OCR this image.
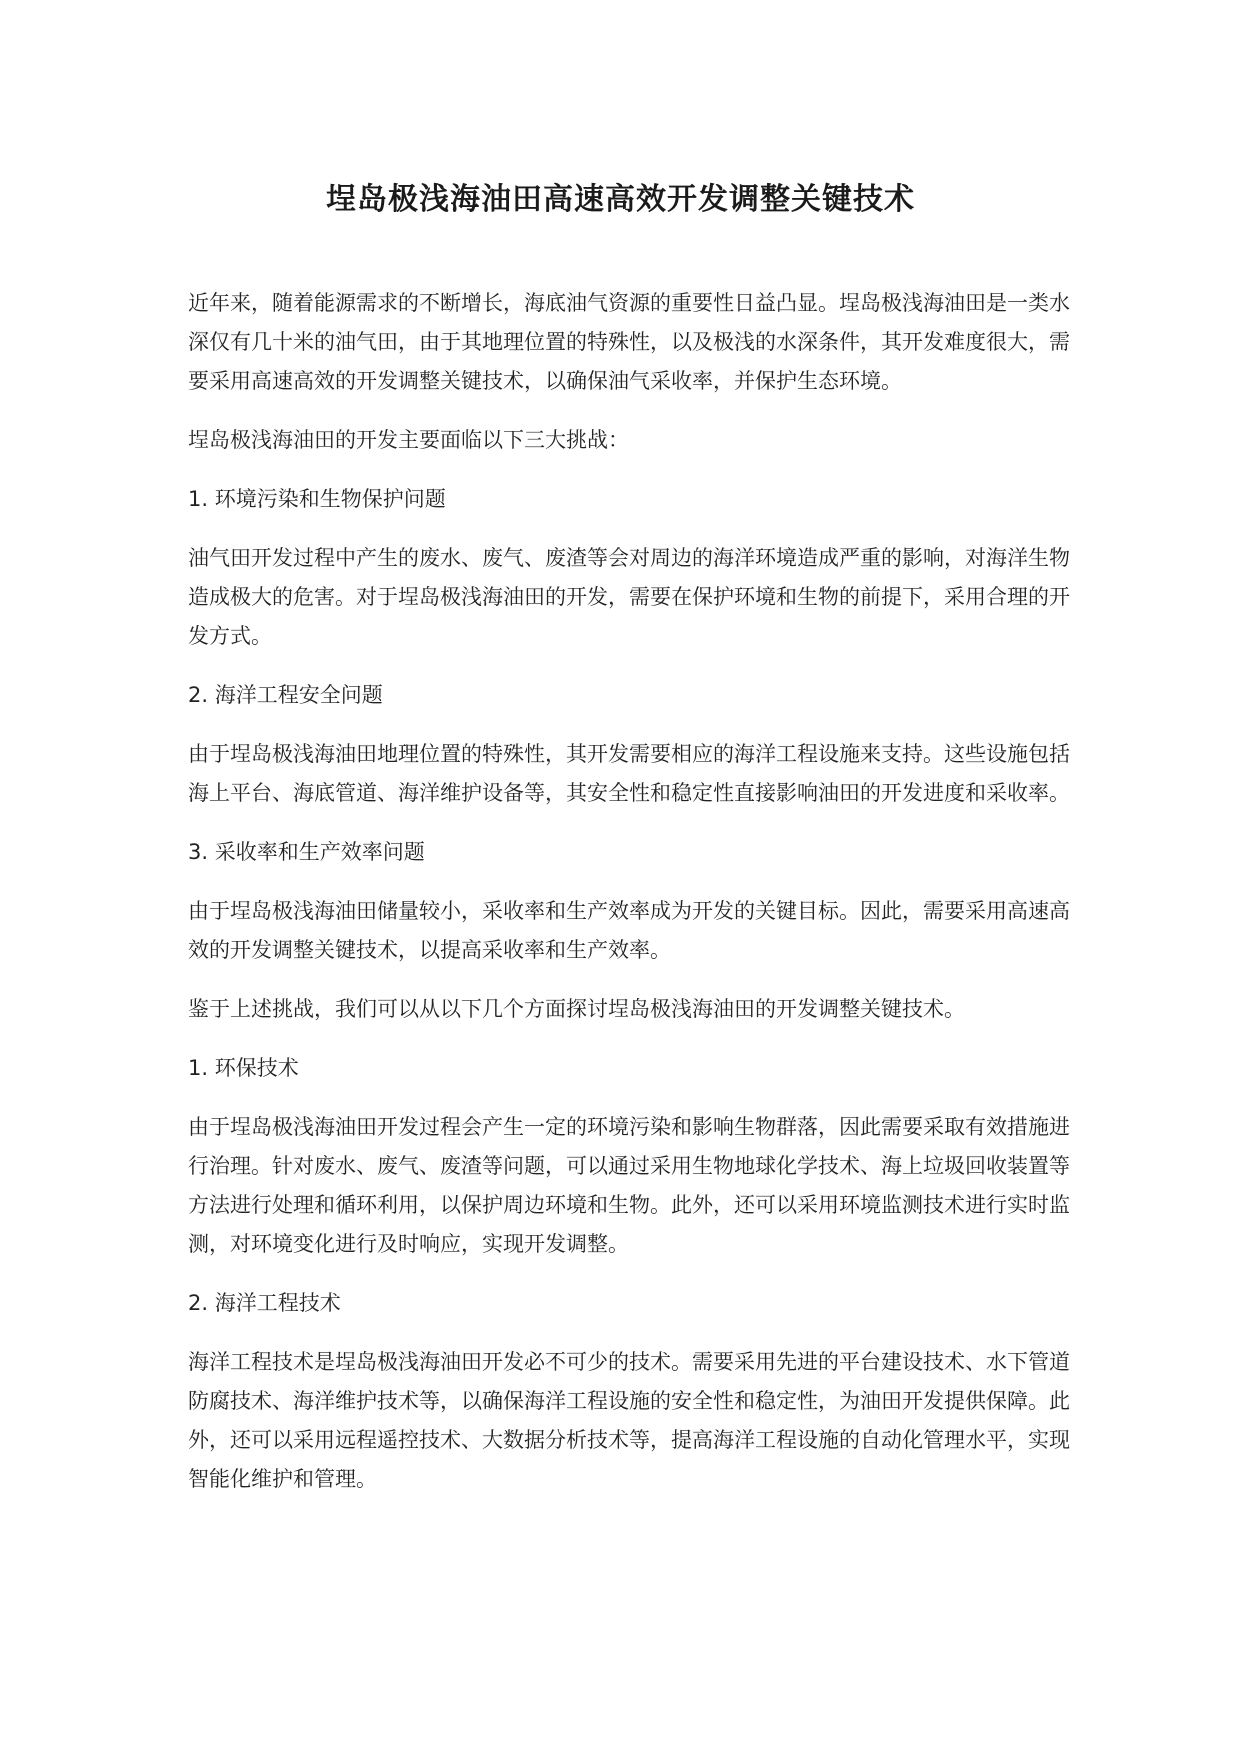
埕岛极浅海油田高速高效开发调整关键技术

近年来，随着能源需求的不断增长，海底油气资源的重要性日益凸显。埕岛极浅海油田是一类水深仅有几十米的油气田，由于其地理位置的特殊性，以及极浅的水深条件，其开发难度很大，需要采用高速高效的开发调整关键技术，以确保油气采收率，并保护生态环境。

埕岛极浅海油田的开发主要面临以下三大挑战：

1. 环境污染和生物保护问题

油气田开发过程中产生的废水、废气、废渣等会对周边的海洋环境造成严重的影响，对海洋生物造成极大的危害。对于埕岛极浅海油田的开发，需要在保护环境和生物的前提下，采用合理的开发方式。

2. 海洋工程安全问题

由于埕岛极浅海油田地理位置的特殊性，其开发需要相应的海洋工程设施来支持。这些设施包括海上平台、海底管道、海洋维护设备等，其安全性和稳定性直接影响油田的开发进度和采收率。

3. 采收率和生产效率问题

由于埕岛极浅海油田储量较小，采收率和生产效率成为开发的关键目标。因此，需要采用高速高效的开发调整关键技术，以提高采收率和生产效率。

鉴于上述挑战，我们可以从以下几个方面探讨埕岛极浅海油田的开发调整关键技术。

1. 环保技术

由于埕岛极浅海油田开发过程会产生一定的环境污染和影响生物群落，因此需要采取有效措施进行治理。针对废水、废气、废渣等问题，可以通过采用生物地球化学技术、海上垃圾回收装置等方法进行处理和循环利用，以保护周边环境和生物。此外，还可以采用环境监测技术进行实时监测，对环境变化进行及时响应，实现开发调整。

2. 海洋工程技术

海洋工程技术是埕岛极浅海油田开发必不可少的技术。需要采用先进的平台建设技术、水下管道防腐技术、海洋维护技术等，以确保海洋工程设施的安全性和稳定性，为油田开发提供保障。此外，还可以采用远程遥控技术、大数据分析技术等，提高海洋工程设施的自动化管理水平，实现智能化维护和管理。
